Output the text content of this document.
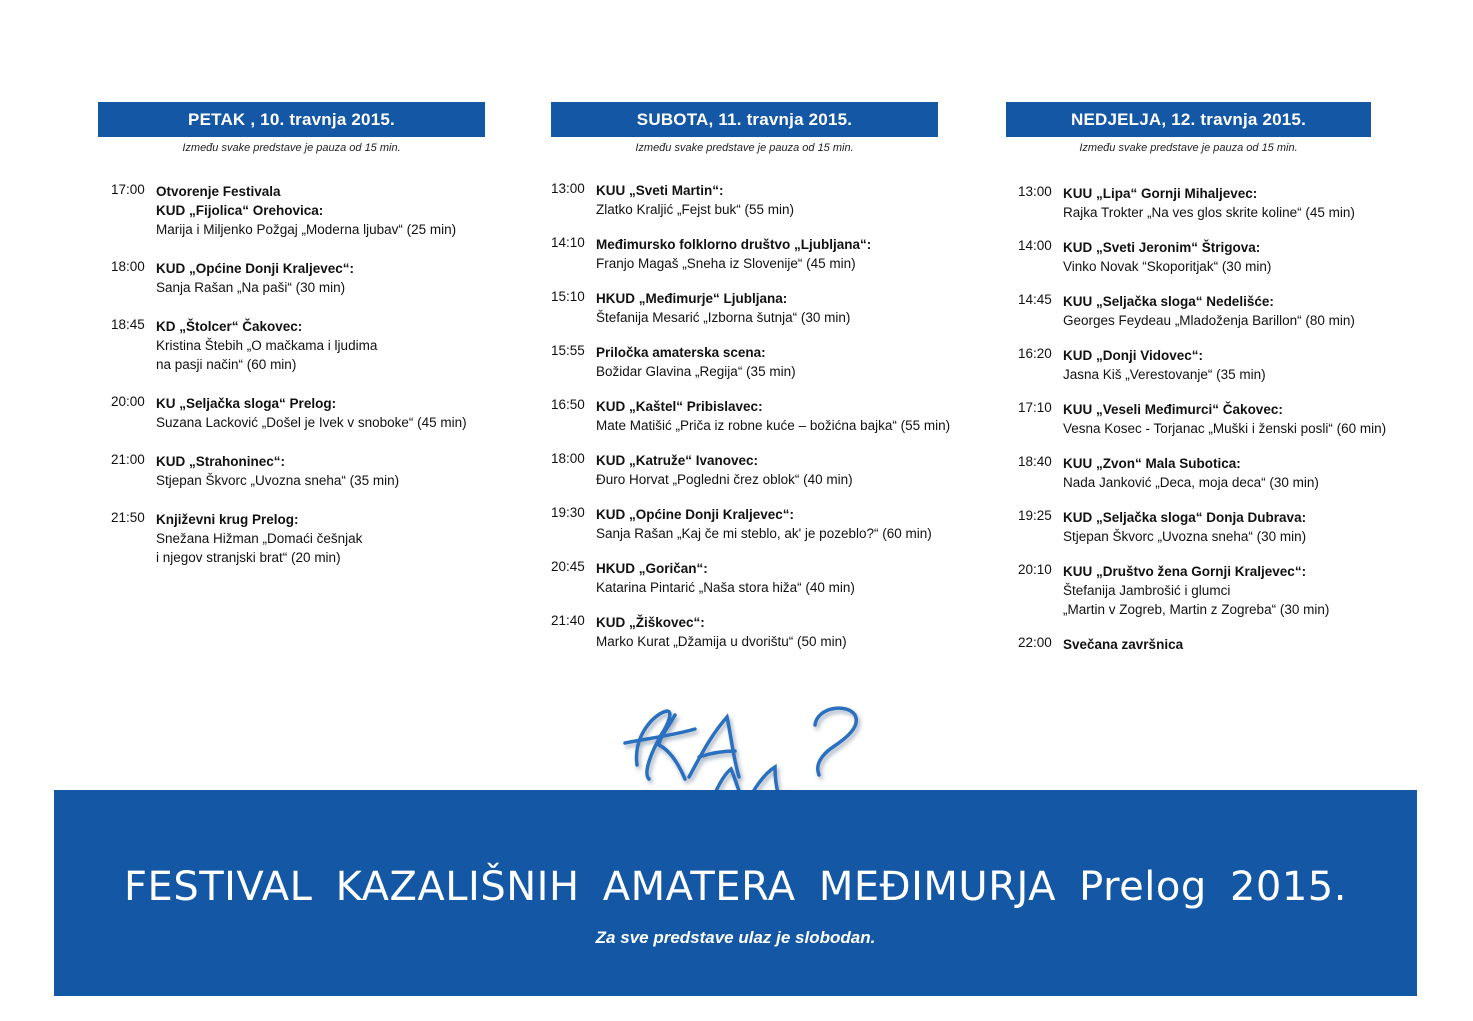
PETAK , 10. travnja 2015.
Između svake predstave je pauza od 15 min.
17:00 Otvorenje Festivala
KUD „Fijolica“ Orehovica:
Marija i Miljenko Požgaj „Moderna ljubav“ (25 min)
18:00 KUD „Općine Donji Kraljevec“:
Sanja Rašan „Na paši“ (30 min)
18:45 KD „Štolcer“ Čakovec:
Kristina Štebih „O mačkama i ljudima
na pasji način“ (60 min)
20:00 KU „Seljačka sloga“ Prelog:
Suzana Lacković „Došel je Ivek v snoboke“ (45 min)
21:00 KUD „Strahoninec“:
Stjepan Škvorc „Uvozna sneha“ (35 min)
21:50 Književni krug Prelog:
Snežana Hižman „Domaći češnjak
i njegov stranjski brat“ (20 min)
SUBOTA, 11. travnja 2015.
Između svake predstave je pauza od 15 min.
13:00 KUU „Sveti Martin“:
Zlatko Kraljić „Fejst buk“ (55 min)
14:10 Međimursko folklorno društvo „Ljubljana“:
Franjo Magaš „Sneha iz Slovenije“ (45 min)
15:10 HKUD „Međimurje“ Ljubljana:
Štefanija Mesarić „Izborna šutnja“ (30 min)
15:55 Priločka amaterska scena:
Božidar Glavina „Regija“ (35 min)
16:50 KUD „Kaštel“ Pribislavec:
Mate Matišić „Priča iz robne kuće – božićna bajka“ (55 min)
18:00 KUD „Katruže“ Ivanovec:
Đuro Horvat „Pogledni črez oblok“ (40 min)
19:30 KUD „Općine Donji Kraljevec“:
Sanja Rašan „Kaj če mi steblo, ak' je pozeblo?“ (60 min)
20:45 HKUD „Goričan“:
Katarina Pintarić „Naša stora hiža“ (40 min)
21:40 KUD „Žiškovec“:
Marko Kurat „Džamija u dvorištu“ (50 min)
NEDJELJA, 12. travnja 2015.
Između svake predstave je pauza od 15 min.
13:00 KUU „Lipa“ Gornji Mihaljevec:
Rajka Trokter „Na ves glos skrite koline“ (45 min)
14:00 KUD „Sveti Jeronim“ Štrigova:
Vinko Novak “Skoporitjak“ (30 min)
14:45 KUU „Seljačka sloga“ Nedelišće:
Georges Feydeau „Mladoženja Barillon“ (80 min)
16:20 KUD „Donji Vidovec“:
Jasna Kiš „Verestovanje“ (35 min)
17:10 KUU „Veseli Međimurci“ Čakovec:
Vesna Kosec - Torjanac „Muški i ženski posli“ (60 min)
18:40 KUU „Zvon“ Mala Subotica:
Nada Janković „Deca, moja deca“ (30 min)
19:25 KUD „Seljačka sloga“ Donja Dubrava:
Stjepan Škvorc „Uvozna sneha“ (30 min)
20:10 KUU „Društvo žena Gornji Kraljevec“:
Štefanija Jambrošić i glumci
„Martin v Zogreb, Martin z Zogreba“ (30 min)
22:00 Svečana završnica
FESTIVAL KAZALIŠNIH AMATERA MEĐIMURJA Prelog 2015.
Za sve predstave ulaz je slobodan.
